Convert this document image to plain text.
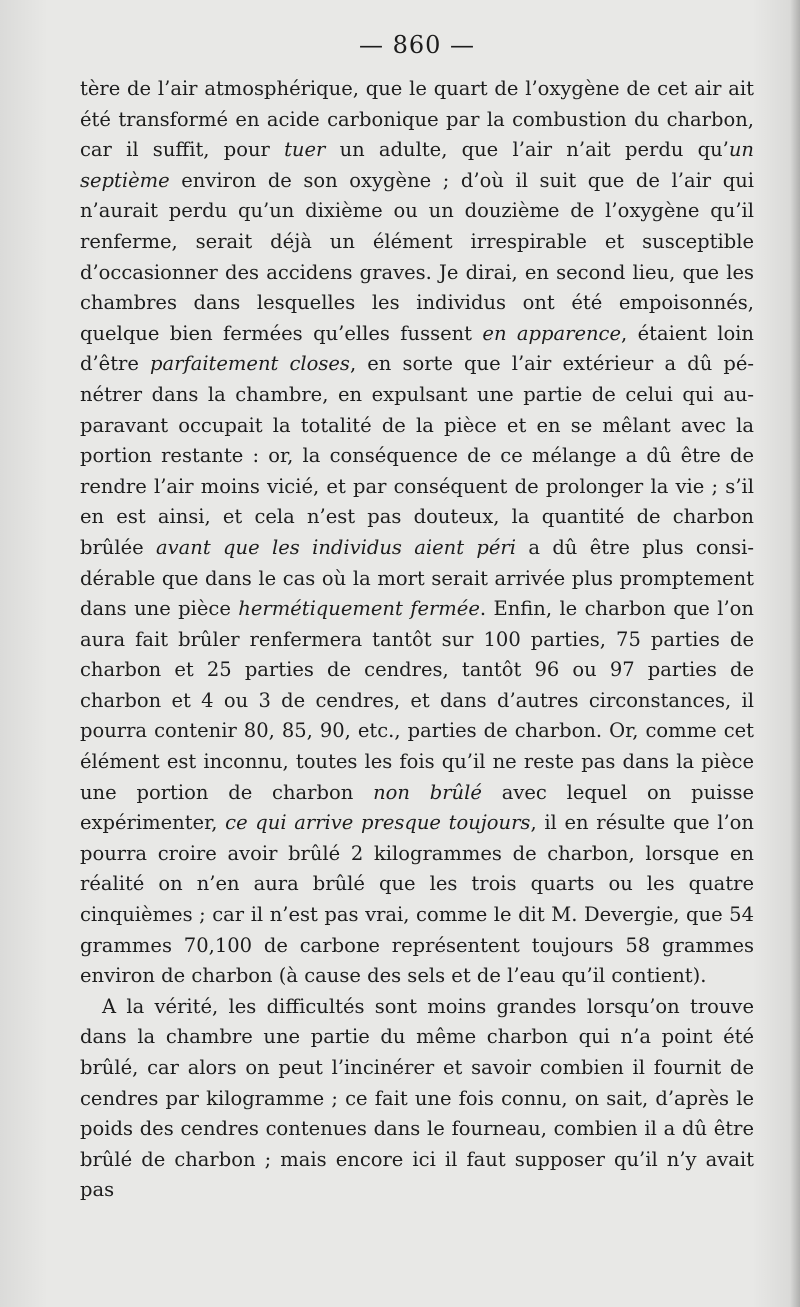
— 860 —

tère de l’air atmosphérique, que le quart de l’oxygène de cet air ait été transformé en acide carbonique par la combustion du charbon, car il suffit, pour tuer un adulte, que l’air n’ait perdu qu’un septième environ de son oxygène ; d’où il suit que de l’air qui n’aurait perdu qu’un dixième ou un douzième de l’oxygène qu’il renferme, serait déjà un élément irrespirable et susceptible d’occasionner des accidens graves. Je dirai, en second lieu, que les chambres dans lesquelles les individus ont été empoisonnés, quelque bien fermées qu’elles fussent en apparence, étaient loin d’être parfaitement closes, en sorte que l’air extérieur a dû pénétrer dans la chambre, en expulsant une partie de celui qui auparavant occupait la totalité de la pièce et en se mêlant avec la portion restante : or, la conséquence de ce mélange a dû être de rendre l’air moins vicié, et par conséquent de prolonger la vie ; s’il en est ainsi, et cela n’est pas douteux, la quantité de charbon brûlée avant que les individus aient péri a dû être plus considérable que dans le cas où la mort serait arrivée plus promptement dans une pièce hermétiquement fermée. Enfin, le charbon que l’on aura fait brûler renfermera tantôt sur 100 parties, 75 parties de charbon et 25 parties de cendres, tantôt 96 ou 97 parties de charbon et 4 ou 3 de cendres, et dans d’autres circonstances, il pourra contenir 80, 85, 90, etc., parties de charbon. Or, comme cet élément est inconnu, toutes les fois qu’il ne reste pas dans la pièce une portion de charbon non brûlé avec lequel on puisse expérimenter, ce qui arrive presque toujours, il en résulte que l’on pourra croire avoir brûlé 2 kilogrammes de charbon, lorsque en réalité on n’en aura brûlé que les trois quarts ou les quatre cinquièmes ; car il n’est pas vrai, comme le dit M. Devergie, que 54 grammes 70,100 de carbone représentent toujours 58 grammes environ de charbon (à cause des sels et de l’eau qu’il contient).

A la vérité, les difficultés sont moins grandes lorsqu’on trouve dans la chambre une partie du même charbon qui n’a point été brûlé, car alors on peut l’incinérer et savoir combien il fournit de cendres par kilogramme ; ce fait une fois connu, on sait, d’après le poids des cendres contenues dans le fourneau, combien il a dû être brûlé de charbon ; mais encore ici il faut supposer qu’il n’y avait pas
